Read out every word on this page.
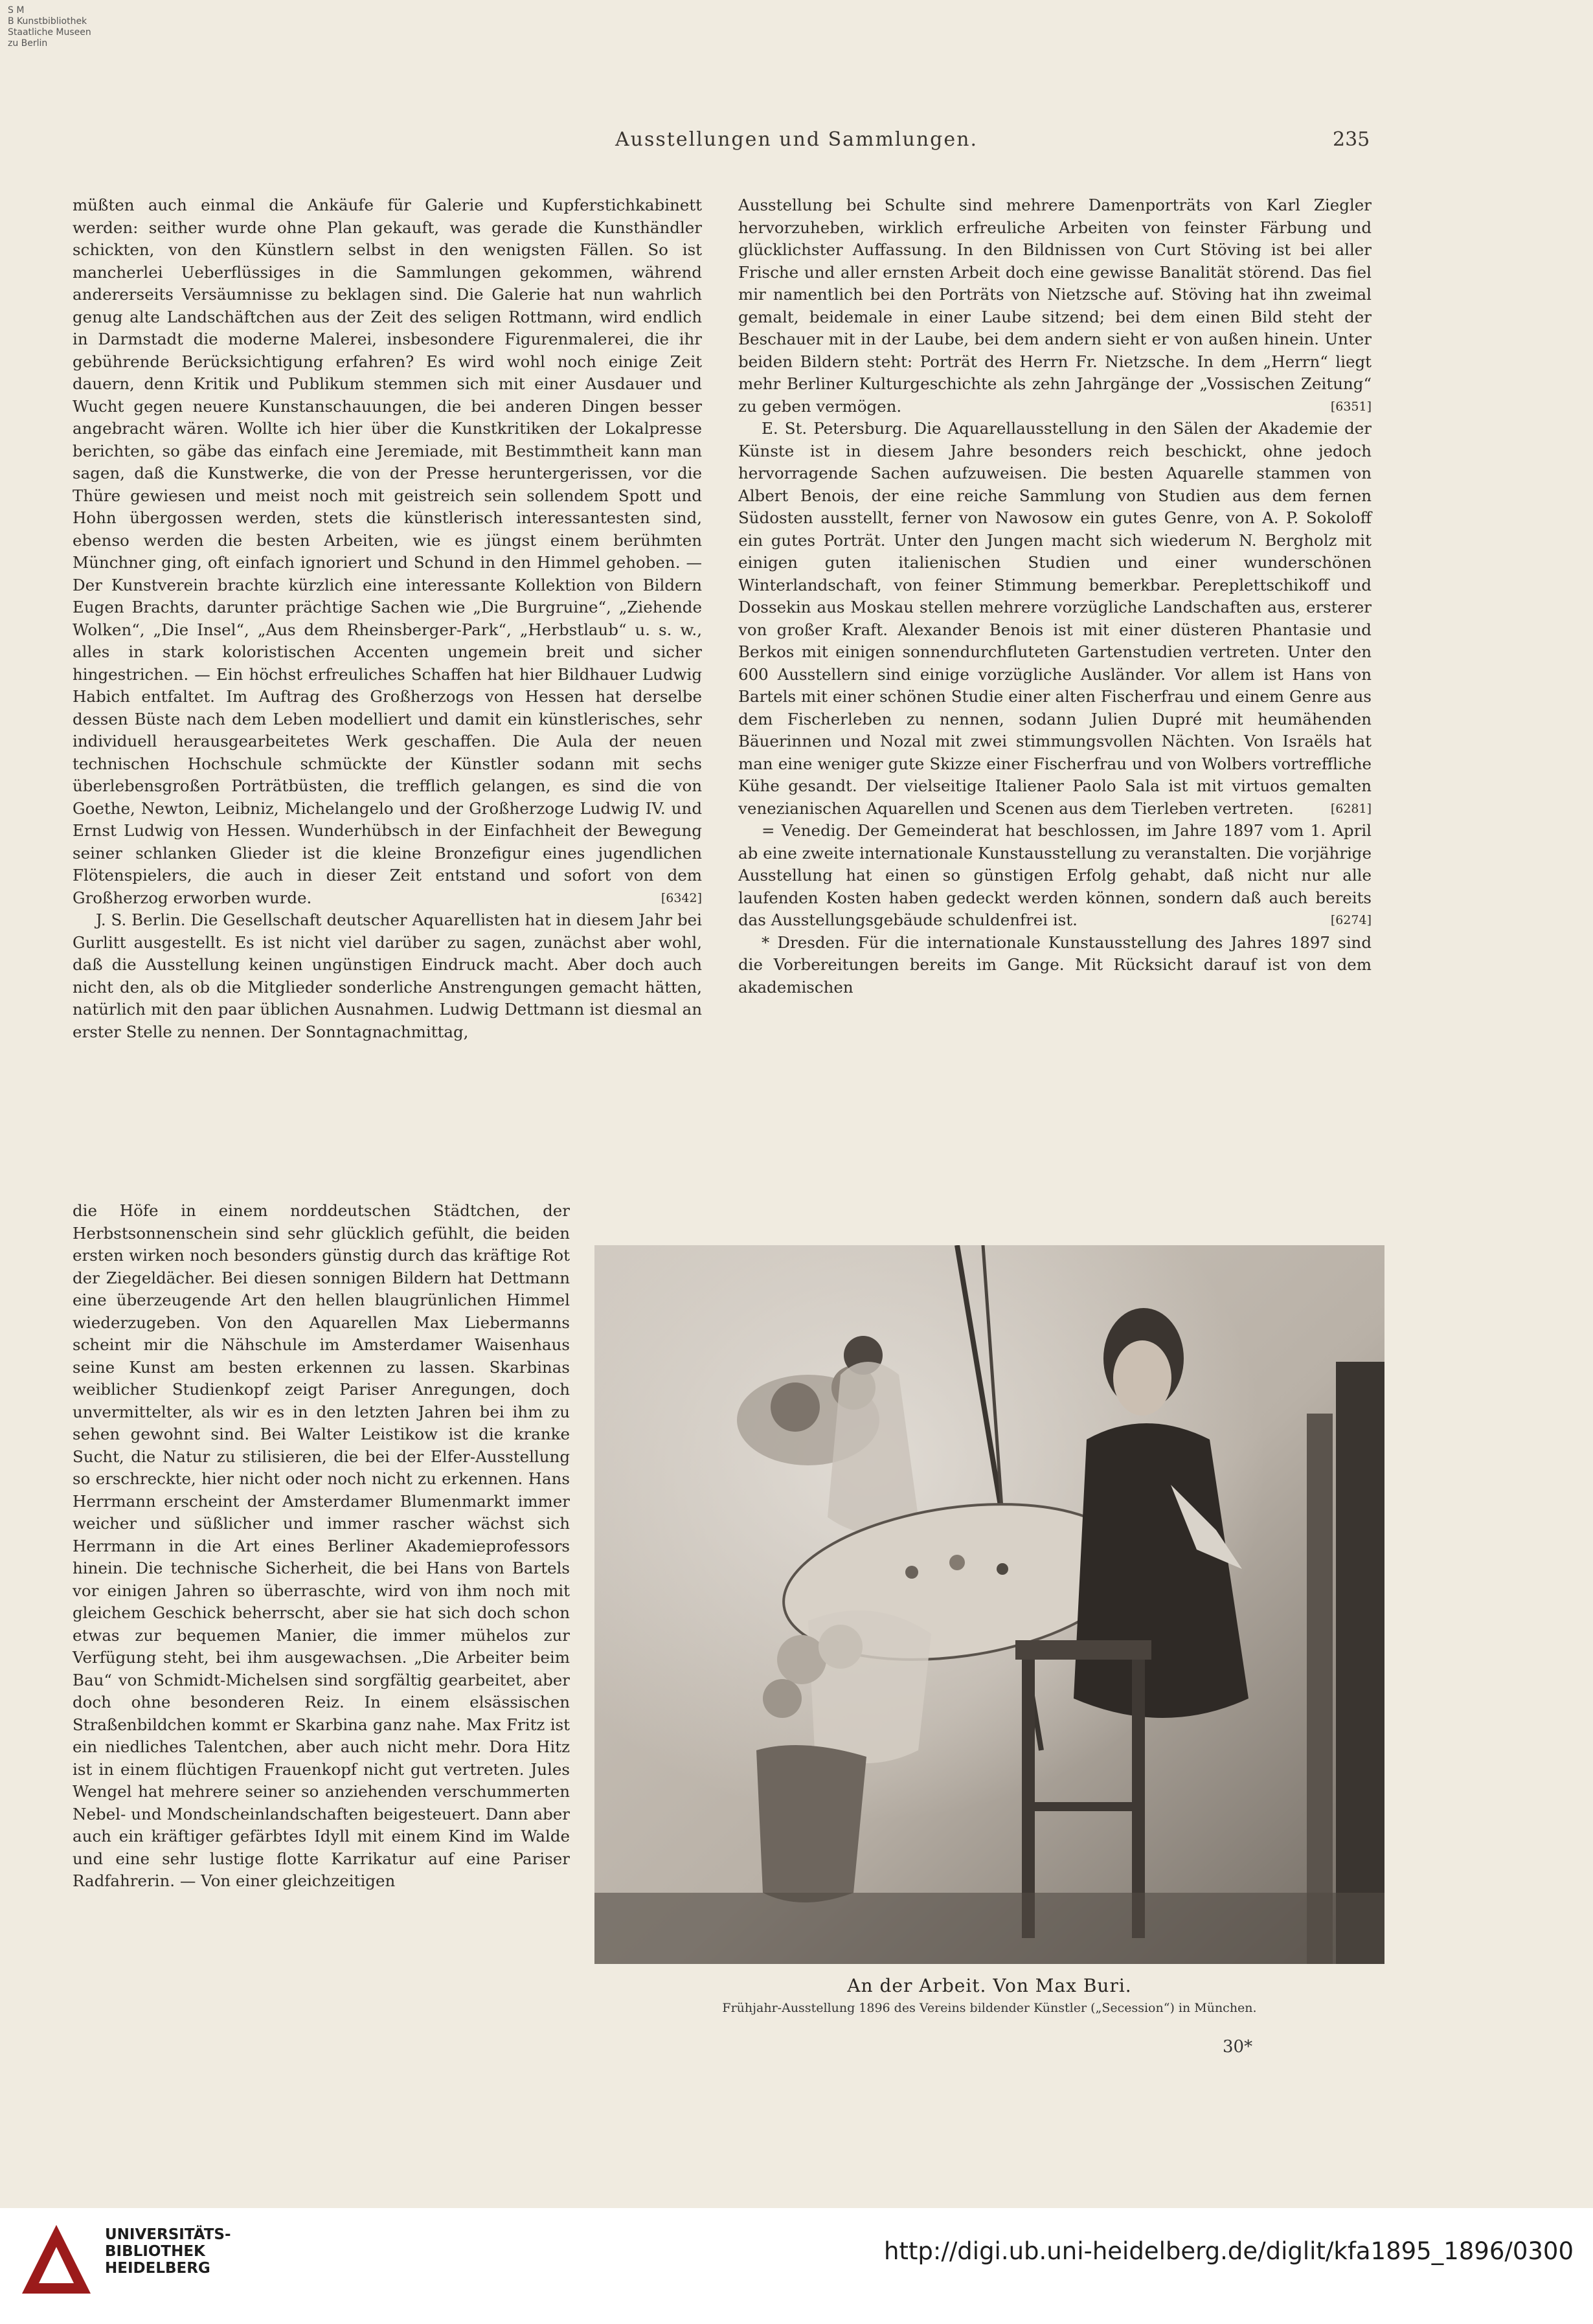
S M
B Kunstbibliothek
Staatliche Museen
zu Berlin
Ausstellungen und Sammlungen.	235

müßten auch einmal die Ankäufe für Galerie und Kupferstichkabinett werden: seither wurde ohne Plan gekauft, was gerade die Kunsthändler schickten, von den Künstlern selbst in den wenigsten Fällen. So ist mancherlei Ueberflüssiges in die Sammlungen gekommen, während andererseits Versäumnisse zu beklagen sind. Die Galerie hat nun wahrlich genug alte Landschäftchen aus der Zeit des seligen Rottmann, wird endlich in Darmstadt die moderne Malerei, insbesondere Figurenmalerei, die ihr gebührende Berücksichtigung erfahren? Es wird wohl noch einige Zeit dauern, denn Kritik und Publikum stemmen sich mit einer Ausdauer und Wucht gegen neuere Kunstanschauungen, die bei anderen Dingen besser angebracht wären. Wollte ich hier über die Kunstkritiken der Lokalpresse berichten, so gäbe das einfach eine Jeremiade, mit Bestimmtheit kann man sagen, daß die Kunstwerke, die von der Presse heruntergerissen, vor die Thüre gewiesen und meist noch mit geistreich sein sollendem Spott und Hohn übergossen werden, stets die künstlerisch interessantesten sind, ebenso werden die besten Arbeiten, wie es jüngst einem berühmten Münchner ging, oft einfach ignoriert und Schund in den Himmel gehoben. — Der Kunstverein brachte kürzlich eine interessante Kollektion von Bildern Eugen Brachts, darunter prächtige Sachen wie „Die Burgruine“, „Ziehende Wolken“, „Die Insel“, „Aus dem Rheinsberger-Park“, „Herbstlaub“ u. s. w., alles in stark koloristischen Accenten ungemein breit und sicher hingestrichen. — Ein höchst erfreuliches Schaffen hat hier Bildhauer Ludwig Habich entfaltet. Im Auftrag des Großherzogs von Hessen hat derselbe dessen Büste nach dem Leben modelliert und damit ein künstlerisches, sehr individuell herausgearbeitetes Werk geschaffen. Die Aula der neuen technischen Hochschule schmückte der Künstler sodann mit sechs überlebensgroßen Porträtbüsten, die trefflich gelangen, es sind die von Goethe, Newton, Leibniz, Michelangelo und der Großherzoge Ludwig IV. und Ernst Ludwig von Hessen. Wunderhübsch in der Einfachheit der Bewegung seiner schlanken Glieder ist die kleine Bronzefigur eines jugendlichen Flötenspielers, die auch in dieser Zeit entstand und sofort von dem Großherzog erworben wurde.	[6342]

J. S. Berlin. Die Gesellschaft deutscher Aquarellisten hat in diesem Jahr bei Gurlitt ausgestellt. Es ist nicht viel darüber zu sagen, zunächst aber wohl, daß die Ausstellung keinen ungünstigen Eindruck macht. Aber doch auch nicht den, als ob die Mitglieder sonderliche Anstrengungen gemacht hätten, natürlich mit den paar üblichen Ausnahmen. Ludwig Dettmann ist diesmal an erster Stelle zu nennen. Der Sonntagnachmittag,

die Höfe in einem norddeutschen Städtchen, der Herbstsonnenschein sind sehr glücklich gefühlt, die beiden ersten wirken noch besonders günstig durch das kräftige Rot der Ziegeldächer. Bei diesen sonnigen Bildern hat Dettmann eine überzeugende Art den hellen blaugrünlichen Himmel wiederzugeben. Von den Aquarellen Max Liebermanns scheint mir die Nähschule im Amsterdamer Waisenhaus seine Kunst am besten erkennen zu lassen. Skarbinas weiblicher Studienkopf zeigt Pariser Anregungen, doch unvermittelter, als wir es in den letzten Jahren bei ihm zu sehen gewohnt sind. Bei Walter Leistikow ist die kranke Sucht, die Natur zu stilisieren, die bei der Elfer-Ausstellung so erschreckte, hier nicht oder noch nicht zu erkennen. Hans Herrmann erscheint der Amsterdamer Blumenmarkt immer weicher und süßlicher und immer rascher wächst sich Herrmann in die Art eines Berliner Akademieprofessors hinein. Die technische Sicherheit, die bei Hans von Bartels vor einigen Jahren so überraschte, wird von ihm noch mit gleichem Geschick beherrscht, aber sie hat sich doch schon etwas zur bequemen Manier, die immer mühelos zur Verfügung steht, bei ihm ausgewachsen. „Die Arbeiter beim Bau“ von Schmidt-Michelsen sind sorgfältig gearbeitet, aber doch ohne besonderen Reiz. In einem elsässischen Straßenbildchen kommt er Skarbina ganz nahe. Max Fritz ist ein niedliches Talentchen, aber auch nicht mehr. Dora Hitz ist in einem flüchtigen Frauenkopf nicht gut vertreten. Jules Wengel hat mehrere seiner so anziehenden verschummerten Nebel- und Mondscheinlandschaften beigesteuert. Dann aber auch ein kräftiger gefärbtes Idyll mit einem Kind im Walde und eine sehr lustige flotte Karrikatur auf eine Pariser Radfahrerin. — Von einer gleichzeitigen

Ausstellung bei Schulte sind mehrere Damenporträts von Karl Ziegler hervorzuheben, wirklich erfreuliche Arbeiten von feinster Färbung und glücklichster Auffassung. In den Bildnissen von Curt Stöving ist bei aller Frische und aller ernsten Arbeit doch eine gewisse Banalität störend. Das fiel mir namentlich bei den Porträts von Nietzsche auf. Stöving hat ihn zweimal gemalt, beidemale in einer Laube sitzend; bei dem einen Bild steht der Beschauer mit in der Laube, bei dem andern sieht er von außen hinein. Unter beiden Bildern steht: Porträt des Herrn Fr. Nietzsche. In dem „Herrn“ liegt mehr Berliner Kulturgeschichte als zehn Jahrgänge der „Vossischen Zeitung“ zu geben vermögen.	[6351]

E. St. Petersburg. Die Aquarellausstellung in den Sälen der Akademie der Künste ist in diesem Jahre besonders reich beschickt, ohne jedoch hervorragende Sachen aufzuweisen. Die besten Aquarelle stammen von Albert Benois, der eine reiche Sammlung von Studien aus dem fernen Südosten ausstellt, ferner von Nawosow ein gutes Genre, von A. P. Sokoloff ein gutes Porträt. Unter den Jungen macht sich wiederum N. Bergholz mit einigen guten italienischen Studien und einer wunderschönen Winterlandschaft, von feiner Stimmung bemerkbar. Pereplettschikoff und Dossekin aus Moskau stellen mehrere vorzügliche Landschaften aus, ersterer von großer Kraft. Alexander Benois ist mit einer düsteren Phantasie und Berkos mit einigen sonnendurchfluteten Gartenstudien vertreten. Unter den 600 Ausstellern sind einige vorzügliche Ausländer. Vor allem ist Hans von Bartels mit einer schönen Studie einer alten Fischerfrau und einem Genre aus dem Fischerleben zu nennen, sodann Julien Dupré mit heumähenden Bäuerinnen und Nozal mit zwei stimmungsvollen Nächten. Von Israëls hat man eine weniger gute Skizze einer Fischerfrau und von Wolbers vortreffliche Kühe gesandt. Der vielseitige Italiener Paolo Sala ist mit virtuos gemalten venezianischen Aquarellen und Scenen aus dem Tierleben vertreten.	[6281]

= Venedig. Der Gemeinderat hat beschlossen, im Jahre 1897 vom 1. April ab eine zweite internationale Kunstausstellung zu veranstalten. Die vorjährige Ausstellung hat einen so günstigen Erfolg gehabt, daß nicht nur alle laufenden Kosten haben gedeckt werden können, sondern daß auch bereits das Ausstellungsgebäude schuldenfrei ist.	[6274]

* Dresden. Für die internationale Kunstausstellung des Jahres 1897 sind die Vorbereitungen bereits im Gange. Mit Rücksicht darauf ist von dem akademischen

An der Arbeit. Von Max Buri.
Frühjahr-Ausstellung 1896 des Vereins bildender Künstler („Secession“) in München.
30*
UNIVERSITÄTS-
BIBLIOTHEK
HEIDELBERG
http://digi.ub.uni-heidelberg.de/diglit/kfa1895_1896/0300
